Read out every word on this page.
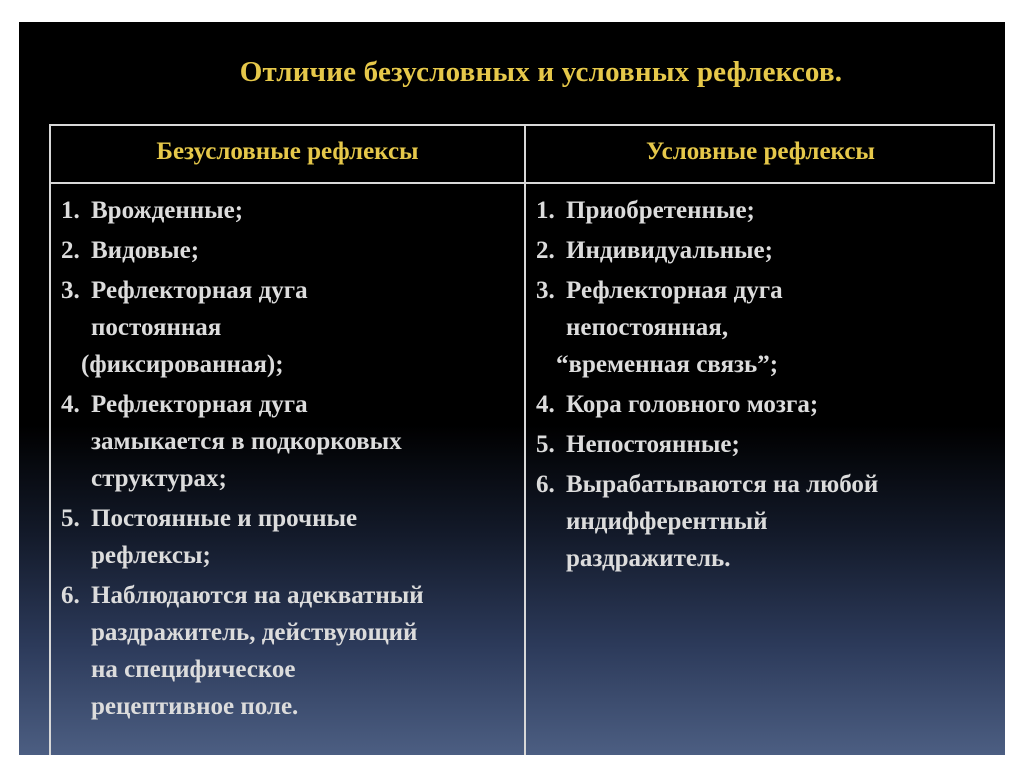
Отличие безусловных и условных рефлексов.
Безусловные рефлексы	Условные рефлексы
1. Врожденные;
2. Видовые;
3. Рефлекторная дуга
постоянная
(фиксированная);
4. Рефлекторная дуга
замыкается в подкорковых
структурах;
5. Постоянные и прочные
рефлексы;
6. Наблюдаются на адекватный
раздражитель, действующий
на специфическое
рецептивное поле.
1. Приобретенные;
2. Индивидуальные;
3. Рефлекторная дуга
непостоянная,
“временная связь”;
4. Кора головного мозга;
5. Непостоянные;
6. Вырабатываются на любой
индифферентный
раздражитель.
